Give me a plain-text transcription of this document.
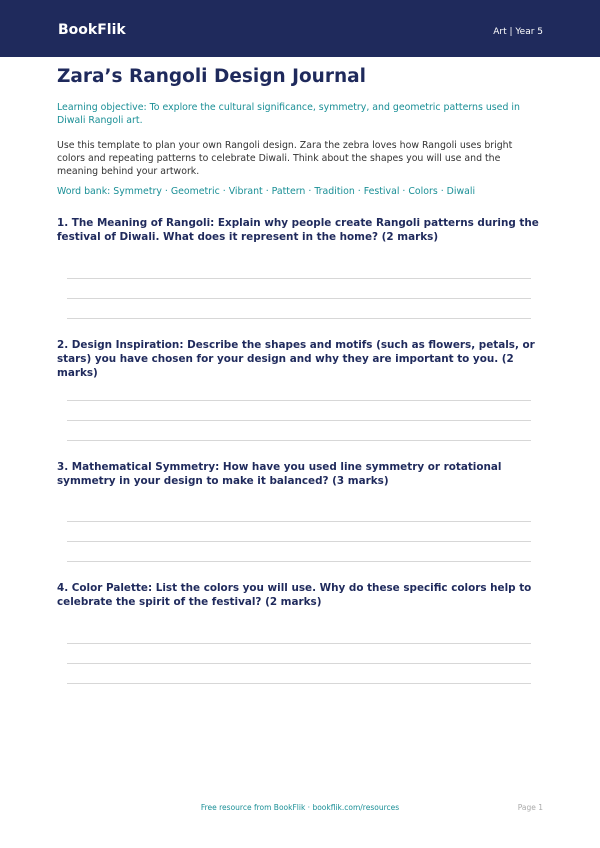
BookFlik	Art | Year 5
Zara’s Rangoli Design Journal

Learning objective: To explore the cultural significance, symmetry, and geometric patterns used in Diwali Rangoli art.

Use this template to plan your own Rangoli design. Zara the zebra loves how Rangoli uses bright colors and repeating patterns to celebrate Diwali. Think about the shapes you will use and the meaning behind your artwork.

Word bank: Symmetry · Geometric · Vibrant · Pattern · Tradition · Festival · Colors · Diwali

1. The Meaning of Rangoli: Explain why people create Rangoli patterns during the festival of Diwali. What does it represent in the home? (2 marks)

2. Design Inspiration: Describe the shapes and motifs (such as flowers, petals, or stars) you have chosen for your design and why they are important to you. (2 marks)

3. Mathematical Symmetry: How have you used line symmetry or rotational symmetry in your design to make it balanced? (3 marks)

4. Color Palette: List the colors you will use. Why do these specific colors help to celebrate the spirit of the festival? (2 marks)

Free resource from BookFlik · bookflik.com/resources	Page 1
